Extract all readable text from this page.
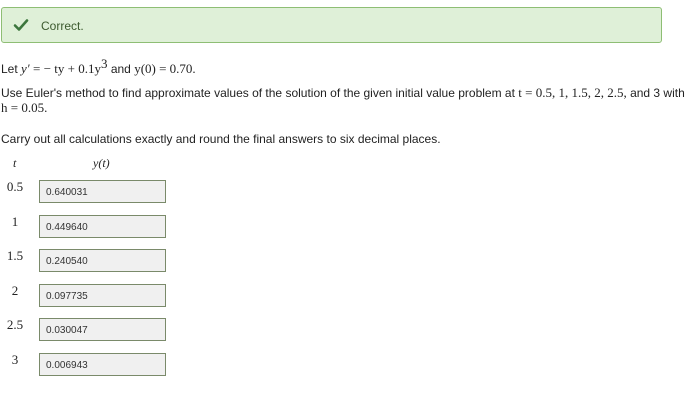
Correct.
Let y′ = − ty + $0.1y^3$ and y(0) = 0.70.
Use Euler's method to find approximate values of the solution of the given initial value problem at t = 0.5, 1, 1.5, 2, 2.5, and 3 with
h = 0.05.
Carry out all calculations exactly and round the final answers to six decimal places.
t	y(t)
0.5	0.640031
1	0.449640
1.5	0.240540
2	0.097735
2.5	0.030047
3	0.006943
